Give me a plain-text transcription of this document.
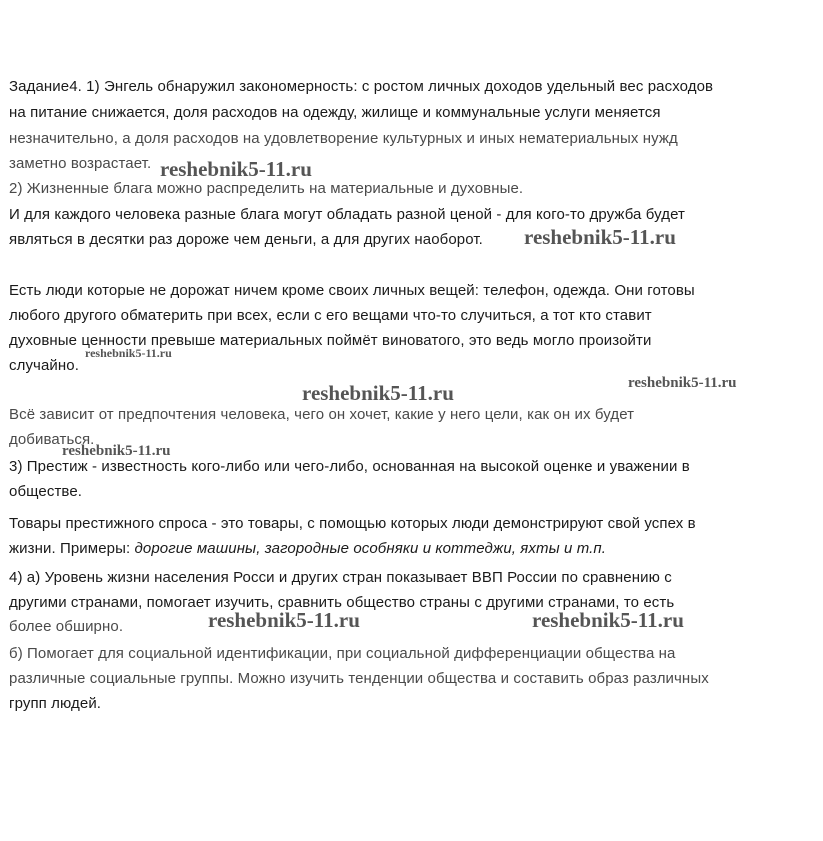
Задание4. 1) Энгель обнаружил закономерность: с ростом личных доходов удельный вес расходов
на питание снижается, доля расходов на одежду, жилище и коммунальные услуги меняется
незначительно, а доля расходов на удовлетворение культурных и иных нематериальных нужд
заметно возрастает.
2) Жизненные блага можно распределить на материальные и духовные.
И для каждого человека разные блага могут обладать разной ценой - для кого-то дружба будет
являться в десятки раз дороже чем деньги, а для других наоборот.
Есть люди которые не дорожат ничем кроме своих личных вещей: телефон, одежда. Они готовы
любого другого обматерить при всех, если с его вещами что-то случиться, а тот кто ставит
духовные ценности превыше материальных поймёт виноватого, это ведь могло произойти
случайно.
Всё зависит от предпочтения человека, чего он хочет, какие у него цели, как он их будет
добиваться.
3) Престиж - известность кого-либо или чего-либо, основанная на высокой оценке и уважении в
обществе.
Товары престижного спроса - это товары, с помощью которых люди демонстрируют свой успех в
жизни. Примеры: дорогие машины, загородные особняки и коттеджи, яхты и т.п.
4) а) Уровень жизни населения Росси и других стран показывает ВВП России по сравнению с
другими странами, помогает изучить, сравнить общество страны с другими странами, то есть
более обширно.
б) Помогает для социальной идентификации, при социальной дифференциации общества на
различные социальные группы. Можно изучить тенденции общества и составить образ различных
групп людей.
reshebnik5-11.ru
reshebnik5-11.ru
reshebnik5-11.ru
reshebnik5-11.ru	reshebnik5-11.ru
reshebnik5-11.ru
reshebnik5-11.ru	reshebnik5-11.ru
